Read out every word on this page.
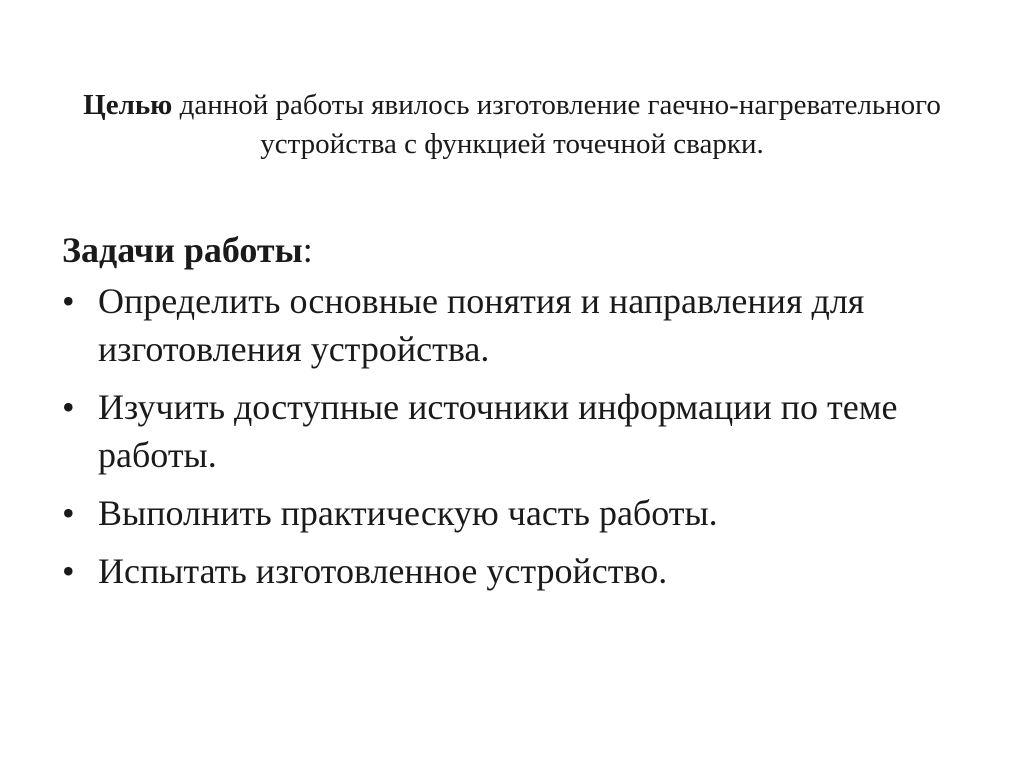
Целью данной работы явилось изготовление гаечно-нагревательного устройства с функцией точечной сварки.
Задачи работы:
• Определить основные понятия и направления для изготовления устройства.
• Изучить доступные источники информации по теме работы.
• Выполнить практическую часть работы.
• Испытать изготовленное устройство.
